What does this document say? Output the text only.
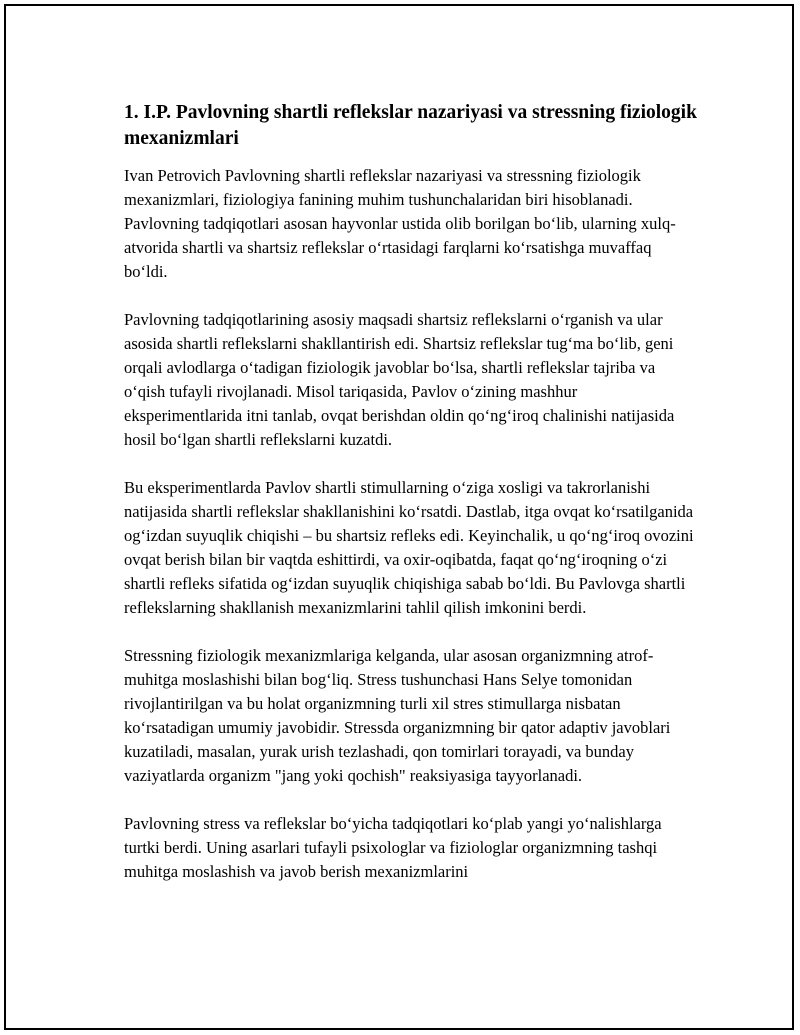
1. I.P. Pavlovning shartli reflekslar nazariyasi va stressning fiziologik mexanizmlari

Ivan Petrovich Pavlovning shartli reflekslar nazariyasi va stressning fiziologik mexanizmlari, fiziologiya fanining muhim tushunchalaridan biri hisoblanadi. Pavlovning tadqiqotlari asosan hayvonlar ustida olib borilgan boʻlib, ularning xulq-atvorida shartli va shartsiz reflekslar oʻrtasidagi farqlarni koʻrsatishga muvaffaq boʻldi.

Pavlovning tadqiqotlarining asosiy maqsadi shartsiz reflekslarni oʻrganish va ular asosida shartli reflekslarni shakllantirish edi. Shartsiz reflekslar tugʻma boʻlib, geni orqali avlodlarga oʻtadigan fiziologik javoblar boʻlsa, shartli reflekslar tajriba va oʻqish tufayli rivojlanadi. Misol tariqasida, Pavlov oʻzining mashhur eksperimentlarida itni tanlab, ovqat berishdan oldin qoʻngʻiroq chalinishi natijasida hosil boʻlgan shartli reflekslarni kuzatdi.

Bu eksperimentlarda Pavlov shartli stimullarning oʻziga xosligi va takrorlanishi natijasida shartli reflekslar shakllanishini koʻrsatdi. Dastlab, itga ovqat koʻrsatilganida ogʻizdan suyuqlik chiqishi – bu shartsiz refleks edi. Keyinchalik, u qoʻngʻiroq ovozini ovqat berish bilan bir vaqtda eshittirdi, va oxir-oqibatda, faqat qoʻngʻiroqning oʻzi shartli refleks sifatida ogʻizdan suyuqlik chiqishiga sabab boʻldi. Bu Pavlovga shartli reflekslarning shakllanish mexanizmlarini tahlil qilish imkonini berdi.

Stressning fiziologik mexanizmlariga kelganda, ular asosan organizmning atrof-muhitga moslashishi bilan bogʻliq. Stress tushunchasi Hans Selye tomonidan rivojlantirilgan va bu holat organizmning turli xil stres stimullarga nisbatan koʻrsatadigan umumiy javobidir. Stressda organizmning bir qator adaptiv javoblari kuzatiladi, masalan, yurak urish tezlashadi, qon tomirlari torayadi, va bunday vaziyatlarda organizm "jang yoki qochish" reaksiyasiga tayyorlanadi.

Pavlovning stress va reflekslar boʻyicha tadqiqotlari koʻplab yangi yoʻnalishlarga turtki berdi. Uning asarlari tufayli psixologlar va fiziologlar organizmning tashqi muhitga moslashish va javob berish mexanizmlarini
